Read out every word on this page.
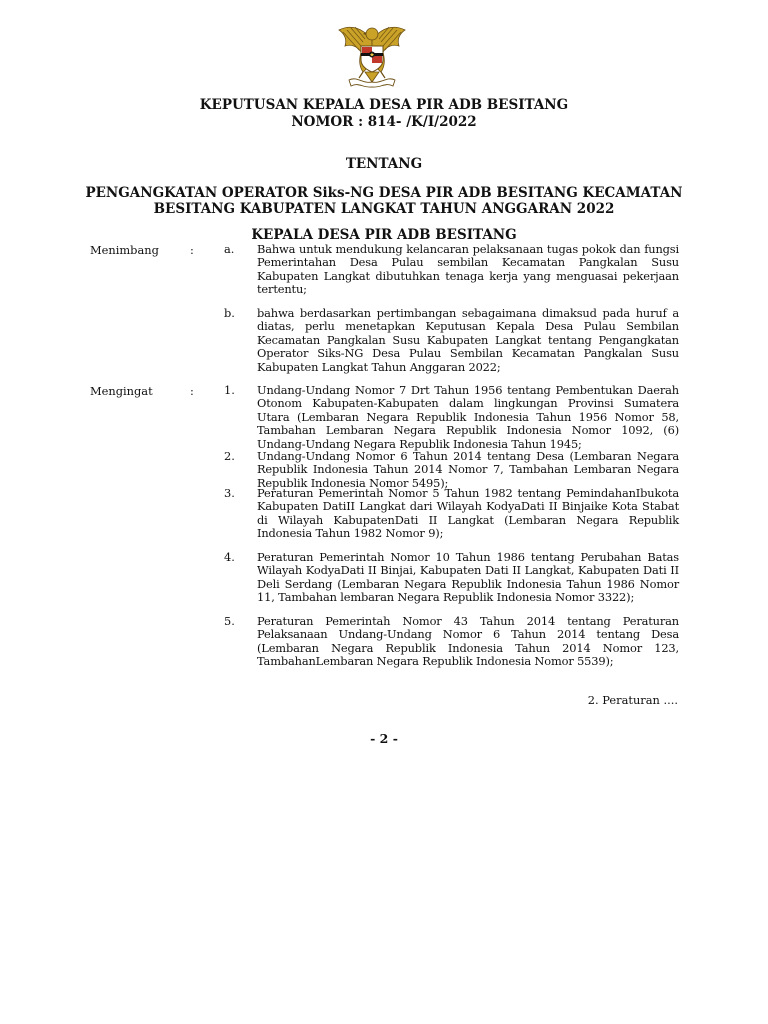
KEPUTUSAN KEPALA DESA PIR ADB BESITANG
NOMOR : 814- /K/I/2022
TENTANG
PENGANGKATAN OPERATOR Siks-NG DESA PIR ADB BESITANG KECAMATAN
BESITANG KABUPATEN LANGKAT TAHUN ANGGARAN 2022
KEPALA DESA PIR ADB BESITANG
Menimbang	:	a. Bahwa untuk mendukung kelancaran pelaksanaan tugas pokok dan fungsi Pemerintahan Desa Pulau sembilan Kecamatan Pangkalan Susu Kabupaten Langkat dibutuhkan tenaga kerja yang menguasai pekerjaan tertentu;
b. bahwa berdasarkan pertimbangan sebagaimana dimaksud pada huruf a diatas, perlu menetapkan Keputusan Kepala Desa Pulau Sembilan Kecamatan Pangkalan Susu Kabupaten Langkat tentang Pengangkatan Operator Siks-NG Desa Pulau Sembilan Kecamatan Pangkalan Susu Kabupaten Langkat Tahun Anggaran 2022;
Mengingat	:	1. Undang-Undang Nomor 7 Drt Tahun 1956 tentang Pembentukan Daerah Otonom Kabupaten-Kabupaten dalam lingkungan Provinsi Sumatera Utara (Lembaran Negara Republik Indonesia Tahun 1956 Nomor 58, Tambahan Lembaran Negara Republik Indonesia Nomor 1092, (6) Undang-Undang Negara Republik Indonesia Tahun 1945;
2. Undang-Undang Nomor 6 Tahun 2014 tentang Desa (Lembaran Negara Republik Indonesia Tahun 2014 Nomor 7, Tambahan Lembaran Negara Republik Indonesia Nomor 5495);
3. Peraturan Pemerintah Nomor 5 Tahun 1982 tentang PemindahanIbukota Kabupaten DatiII Langkat dari Wilayah KodyaDati II Binjaike Kota Stabat di Wilayah KabupatenDati II Langkat (Lembaran Negara Republik Indonesia Tahun 1982 Nomor 9);
4. Peraturan Pemerintah Nomor 10 Tahun 1986 tentang Perubahan Batas Wilayah KodyaDati II Binjai, Kabupaten Dati II Langkat, Kabupaten Dati II Deli Serdang (Lembaran Negara Republik Indonesia Tahun 1986 Nomor 11, Tambahan lembaran Negara Republik Indonesia Nomor 3322);
5. Peraturan Pemerintah Nomor 43 Tahun 2014 tentang Peraturan Pelaksanaan Undang-Undang Nomor 6 Tahun 2014 tentang Desa (Lembaran Negara Republik Indonesia Tahun 2014 Nomor 123, TambahanLembaran Negara Republik Indonesia Nomor 5539);
2. Peraturan ....
- 2 -
